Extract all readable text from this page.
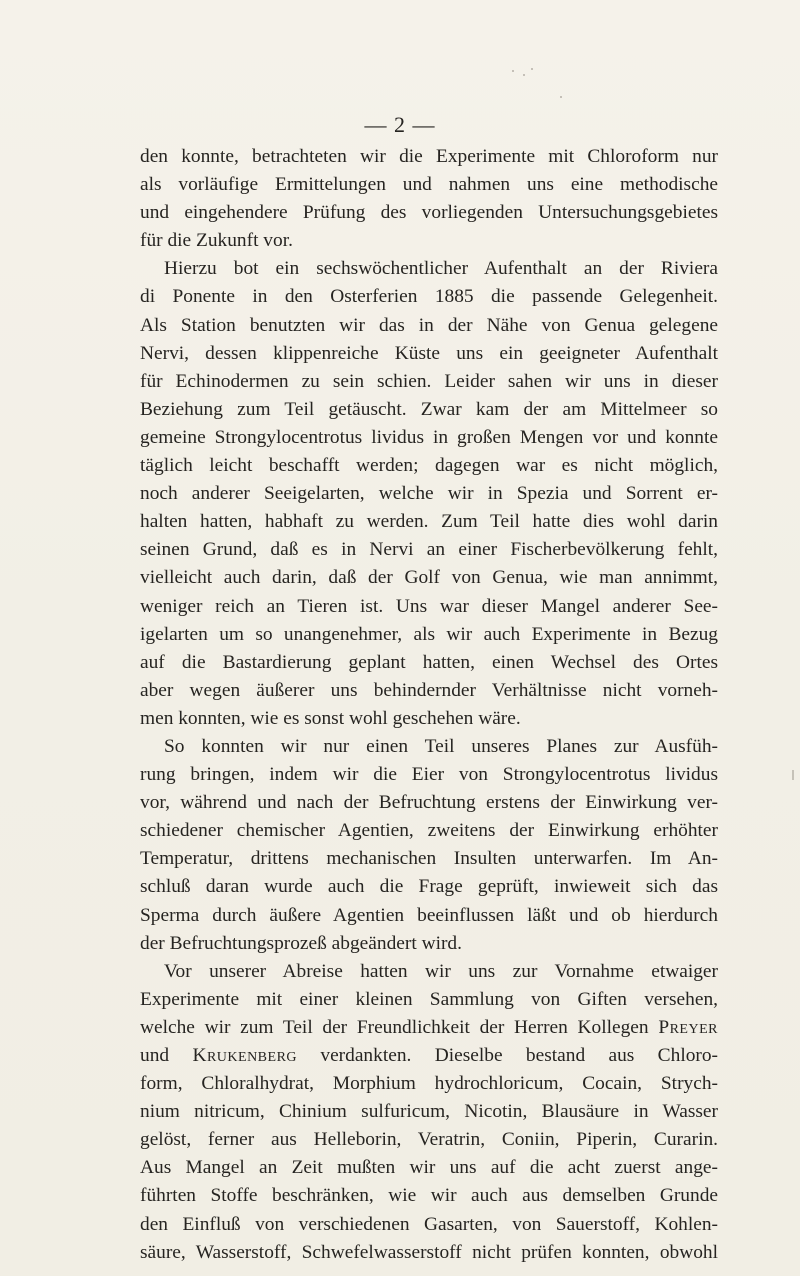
— 2 —
den konnte, betrachteten wir die Experimente mit Chloroform nur
als vorläufige Ermittelungen und nahmen uns eine methodische
und eingehendere Prüfung des vorliegenden Untersuchungsgebietes
für die Zukunft vor.
Hierzu bot ein sechswöchentlicher Aufenthalt an der Riviera
di Ponente in den Osterferien 1885 die passende Gelegenheit.
Als Station benutzten wir das in der Nähe von Genua gelegene
Nervi, dessen klippenreiche Küste uns ein geeigneter Aufenthalt
für Echinodermen zu sein schien. Leider sahen wir uns in dieser
Beziehung zum Teil getäuscht. Zwar kam der am Mittelmeer so
gemeine Strongylocentrotus lividus in großen Mengen vor und konnte
täglich leicht beschafft werden; dagegen war es nicht möglich,
noch anderer Seeigelarten, welche wir in Spezia und Sorrent er-
halten hatten, habhaft zu werden. Zum Teil hatte dies wohl darin
seinen Grund, daß es in Nervi an einer Fischerbevölkerung fehlt,
vielleicht auch darin, daß der Golf von Genua, wie man annimmt,
weniger reich an Tieren ist. Uns war dieser Mangel anderer See-
igelarten um so unangenehmer, als wir auch Experimente in Bezug
auf die Bastardierung geplant hatten, einen Wechsel des Ortes
aber wegen äußerer uns behindernder Verhältnisse nicht vorneh-
men konnten, wie es sonst wohl geschehen wäre.
So konnten wir nur einen Teil unseres Planes zur Ausfüh-
rung bringen, indem wir die Eier von Strongylocentrotus lividus
vor, während und nach der Befruchtung erstens der Einwirkung ver-
schiedener chemischer Agentien, zweitens der Einwirkung erhöhter
Temperatur, drittens mechanischen Insulten unterwarfen. Im An-
schluß daran wurde auch die Frage geprüft, inwieweit sich das
Sperma durch äußere Agentien beeinflussen läßt und ob hierdurch
der Befruchtungsprozeß abgeändert wird.
Vor unserer Abreise hatten wir uns zur Vornahme etwaiger
Experimente mit einer kleinen Sammlung von Giften versehen,
welche wir zum Teil der Freundlichkeit der Herren Kollegen Preyer
und Krukenberg verdankten. Dieselbe bestand aus Chloro-
form, Chloralhydrat, Morphium hydrochloricum, Cocain, Strych-
nium nitricum, Chinium sulfuricum, Nicotin, Blausäure in Wasser
gelöst, ferner aus Helleborin, Veratrin, Coniin, Piperin, Curarin.
Aus Mangel an Zeit mußten wir uns auf die acht zuerst ange-
führten Stoffe beschränken, wie wir auch aus demselben Grunde
den Einfluß von verschiedenen Gasarten, von Sauerstoff, Kohlen-
säure, Wasserstoff, Schwefelwasserstoff nicht prüfen konnten, obwohl
